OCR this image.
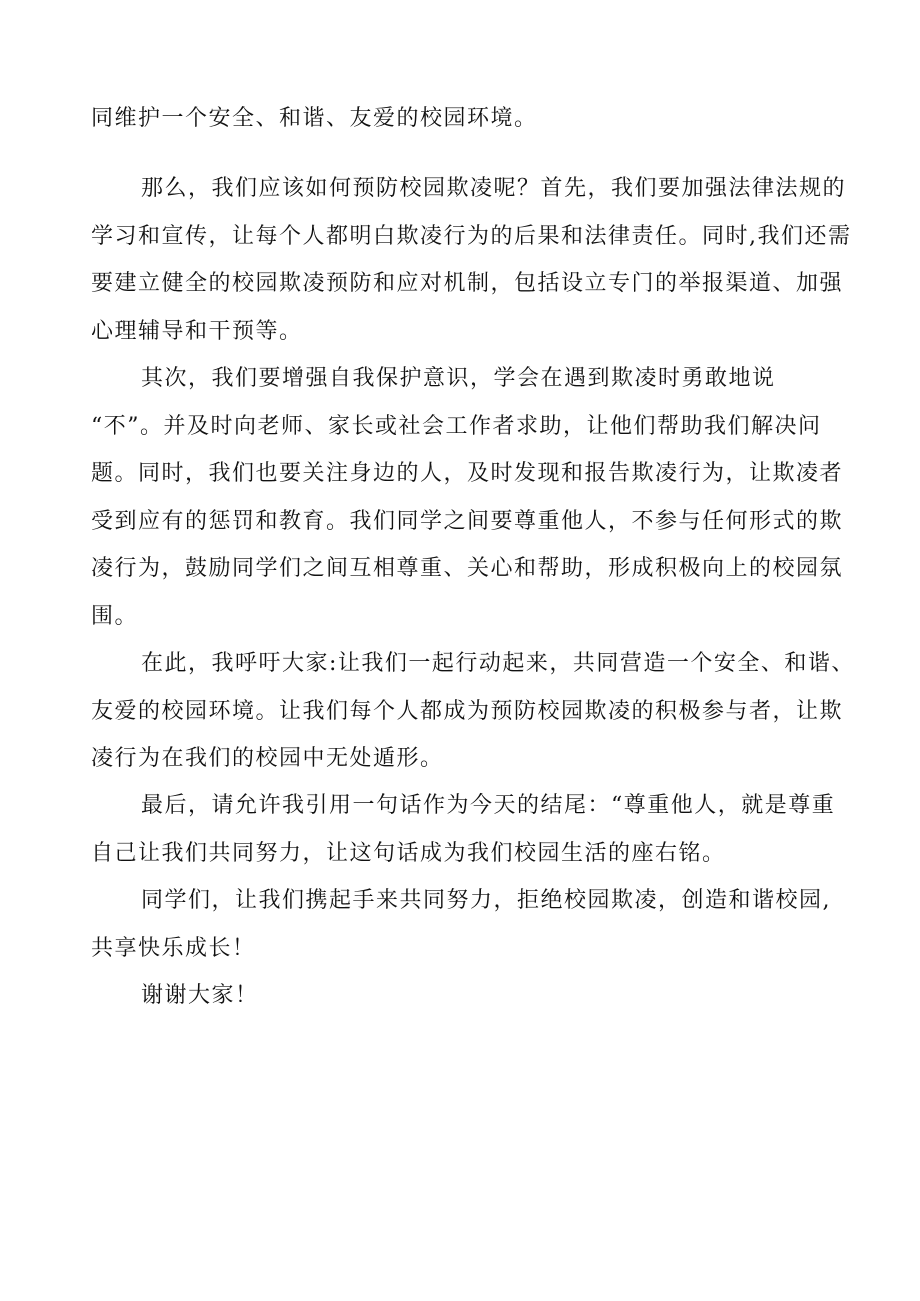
同维护一个安全、和谐、友爱的校园环境。
那么，我们应该如何预防校园欺凌呢？首先，我们要加强法律法规的
学习和宣传，让每个人都明白欺凌行为的后果和法律责任。同时,我们还需
要建立健全的校园欺凌预防和应对机制，包括设立专门的举报渠道、加强
心理辅导和干预等。
其次，我们要增强自我保护意识，学会在遇到欺凌时勇敢地说
“不”。并及时向老师、家长或社会工作者求助，让他们帮助我们解决问
题。同时，我们也要关注身边的人，及时发现和报告欺凌行为，让欺凌者
受到应有的惩罚和教育。我们同学之间要尊重他人，不参与任何形式的欺
凌行为，鼓励同学们之间互相尊重、关心和帮助，形成积极向上的校园氛
围。
在此，我呼吁大家:让我们一起行动起来，共同营造一个安全、和谐、
友爱的校园环境。让我们每个人都成为预防校园欺凌的积极参与者，让欺
凌行为在我们的校园中无处遁形。
最后，请允许我引用一句话作为今天的结尾：“尊重他人，就是尊重
自己让我们共同努力，让这句话成为我们校园生活的座右铭。
同学们，让我们携起手来共同努力，拒绝校园欺凌，创造和谐校园,
共享快乐成长！
谢谢大家！
